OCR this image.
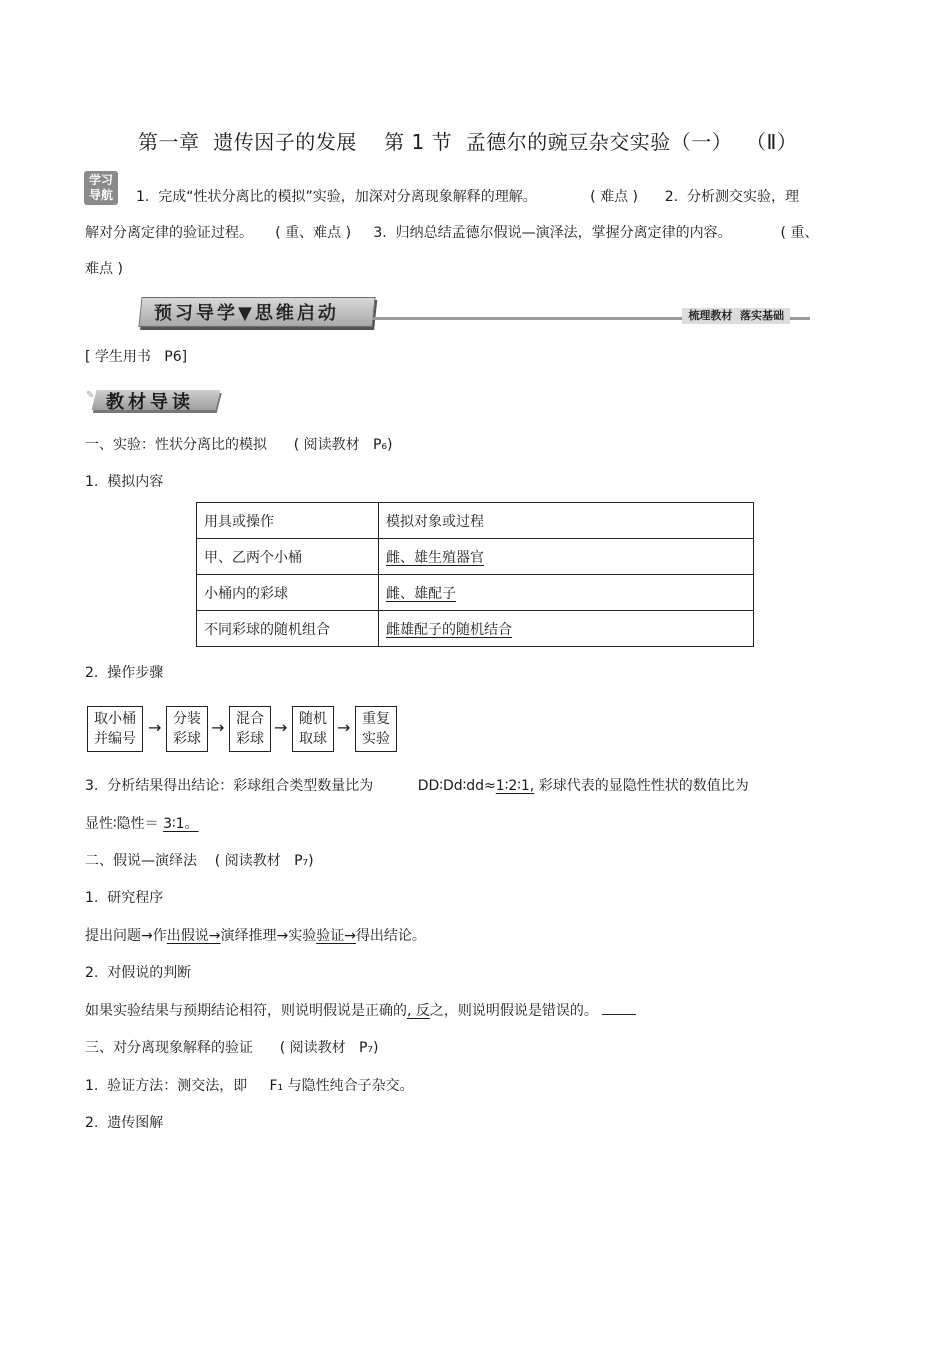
第一章  遗传因子的发展    第 1 节  孟德尔的豌豆杂交实验（一）  （Ⅱ）
学习导航	1.  完成“性状分离比的模拟”实验，加深对分离现象解释的理解。            ( 难点 )      2.  分析测交实验，理
解对分离定律的验证过程。     ( 重、难点 )     3.  归纳总结孟德尔假说—演泽法，掌握分离定律的内容。           ( 重、
难点 )
预习导学▼思维启动	梳理教材  落实基础
[ 学生用书   P6]
✎ 教材导读
一、实验：性状分离比的模拟      ( 阅读教材   P₆)
1.  模拟内容
用具或操作	模拟对象或过程
甲、乙两个小桶	雌、雄生殖器官
小桶内的彩球	雌、雄配子
不同彩球的随机组合	雌雄配子的随机结合
2.  操作步骤
取小桶
并编号
→ 分装
彩球
→ 混合
彩球
→ 随机
取球
→ 重复
实验
3.  分析结果得出结论：彩球组合类型数量比为          DD∶Dd∶dd≈1∶2∶1, 彩球代表的显隐性性状的数值比为
显性∶隐性＝ 3∶1。
二、假说—演绎法    ( 阅读教材   P₇)
1.  研究程序
提出问题→作出假说→演绎推理→实验验证→得出结论。
2.  对假说的判断
如果实验结果与预期结论相符，则说明假说是正确的, 反之，则说明假说是错误的。
三、对分离现象解释的验证      ( 阅读教材   P₇)
1.  验证方法：测交法，即     F₁ 与隐性纯合子杂交。
2.  遗传图解
